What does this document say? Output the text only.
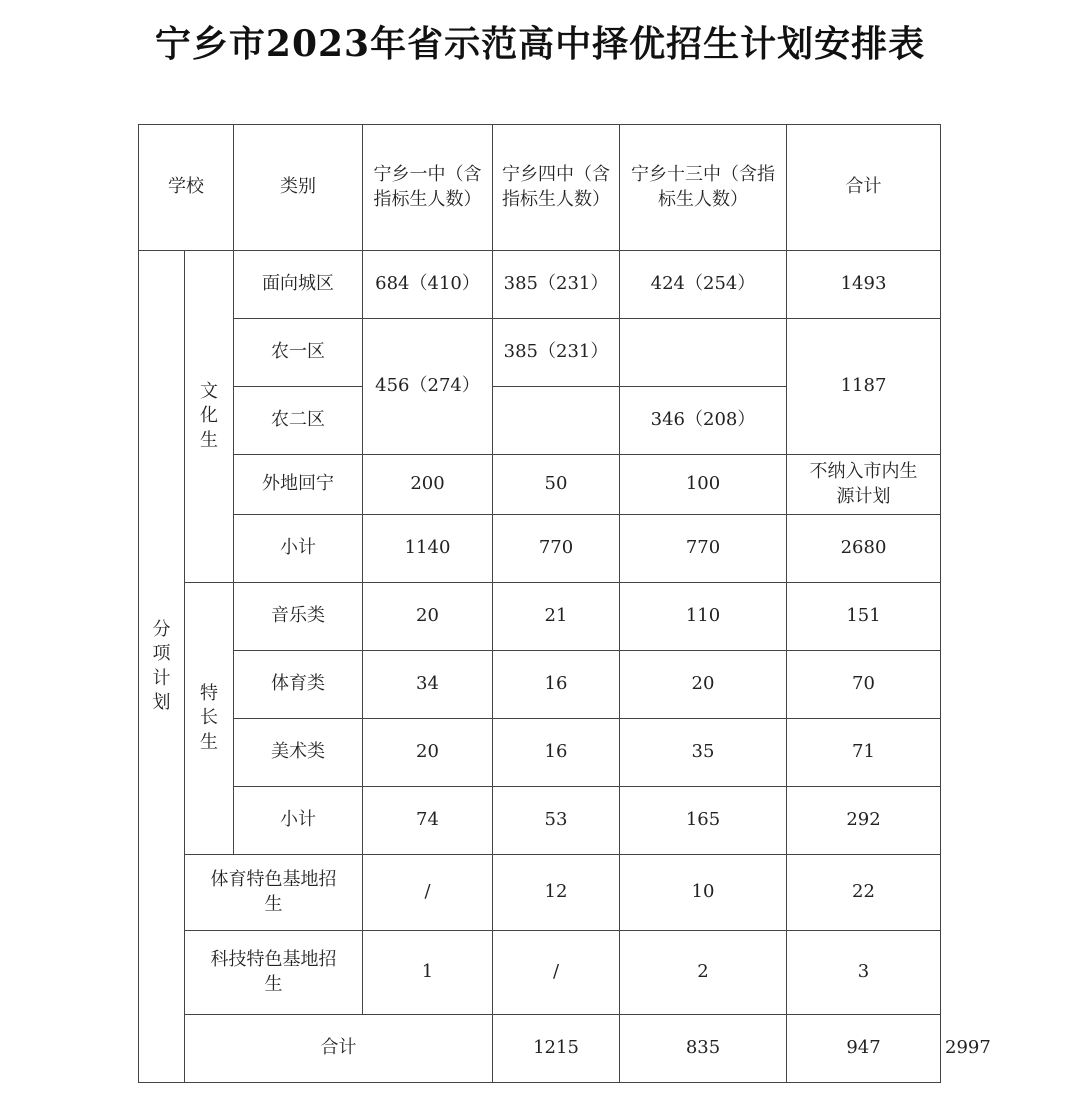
宁乡市2023年省示范高中择优招生计划安排表
学校		类别	宁乡一中（含指标生人数）	宁乡四中（含指标生人数）	宁乡十三中（含指标生人数）	合计	
分项计划	文化生	面向城区	684（410）	385（231）	424（254）	1493	
		农一区	456（274）	385（231）		1187	
		农二区			346（208）		
		外地回宁	200	50	100	不纳入市内生源计划	
		小计	1140	770	770	2680	
	特长生	音乐类	20	21	110	151	
		体育类	34	16	20	70	
		美术类	20	16	35	71	
		小计	74	53	165	292	
	体育特色基地招生		/	12	10	22	
	科技特色基地招生		1	/	2	3	
	合计			1215	835	947	2997
